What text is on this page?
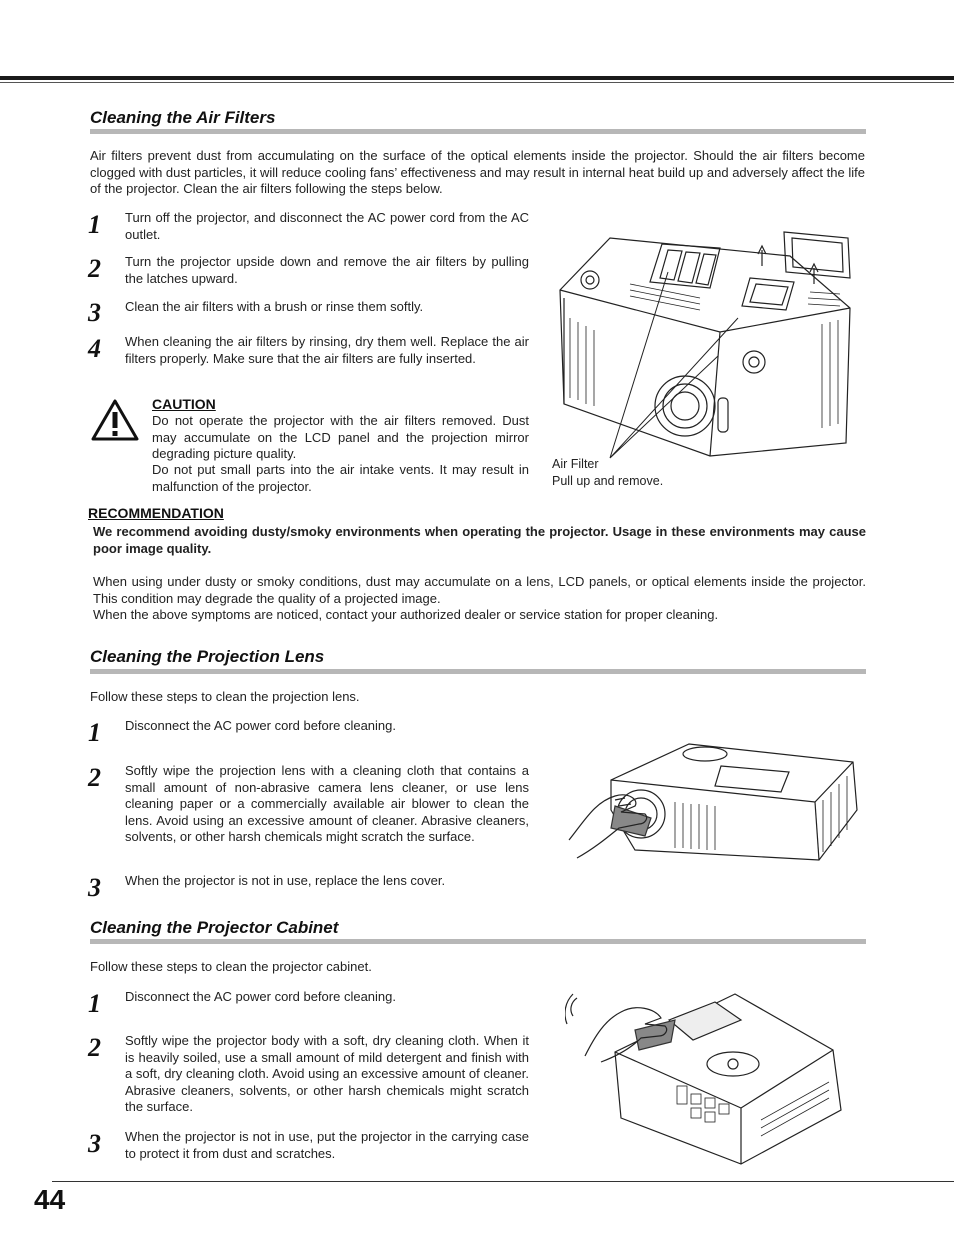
Cleaning the Air Filters
Air filters prevent dust from accumulating on the surface of the optical elements inside the projector. Should the air filters become clogged with dust particles, it will reduce cooling fans’ effectiveness and may result in internal heat build up and adversely affect the life of the projector. Clean the air filters following the steps below.
1 Turn off the projector, and disconnect the AC power cord from the AC outlet.
2 Turn the projector upside down and remove the air filters by pulling the latches upward.
3 Clean the air filters with a brush or rinse them softly.
4 When cleaning the air filters by rinsing, dry them well. Replace the air filters properly. Make sure that the air filters are fully inserted.
CAUTION
Do not operate the projector with the air filters removed. Dust may accumulate on the LCD panel and the projection mirror degrading picture quality.
Do not put small parts into the air intake vents. It may result in malfunction of the projector.
Air Filter
Pull up and remove.
RECOMMENDATION
We recommend avoiding dusty/smoky environments when operating the projector. Usage in these environments may cause poor image quality.
When using under dusty or smoky conditions, dust may accumulate on a lens, LCD panels, or optical elements inside the projector. This condition may degrade the quality of a projected image.
When the above symptoms are noticed, contact your authorized dealer or service station for proper cleaning.
Cleaning the Projection Lens
Follow these steps to clean the projection lens.
1 Disconnect the AC power cord before cleaning.
2 Softly wipe the projection lens with a cleaning cloth that contains a small amount of non-abrasive camera lens cleaner, or use lens cleaning paper or a commercially available air blower to clean the lens. Avoid using an excessive amount of cleaner. Abrasive cleaners, solvents, or other harsh chemicals might scratch the surface.
3 When the projector is not in use, replace the lens cover.
Cleaning the Projector Cabinet
Follow these steps to clean the projector cabinet.
1 Disconnect the AC power cord before cleaning.
2 Softly wipe the projector body with a soft, dry cleaning cloth. When it is heavily soiled, use a small amount of mild detergent and finish with a soft, dry cleaning cloth. Avoid using an excessive amount of cleaner. Abrasive cleaners, solvents, or other harsh chemicals might scratch the surface.
3 When the projector is not in use, put the projector in the carrying case to protect it from dust and scratches.
44
